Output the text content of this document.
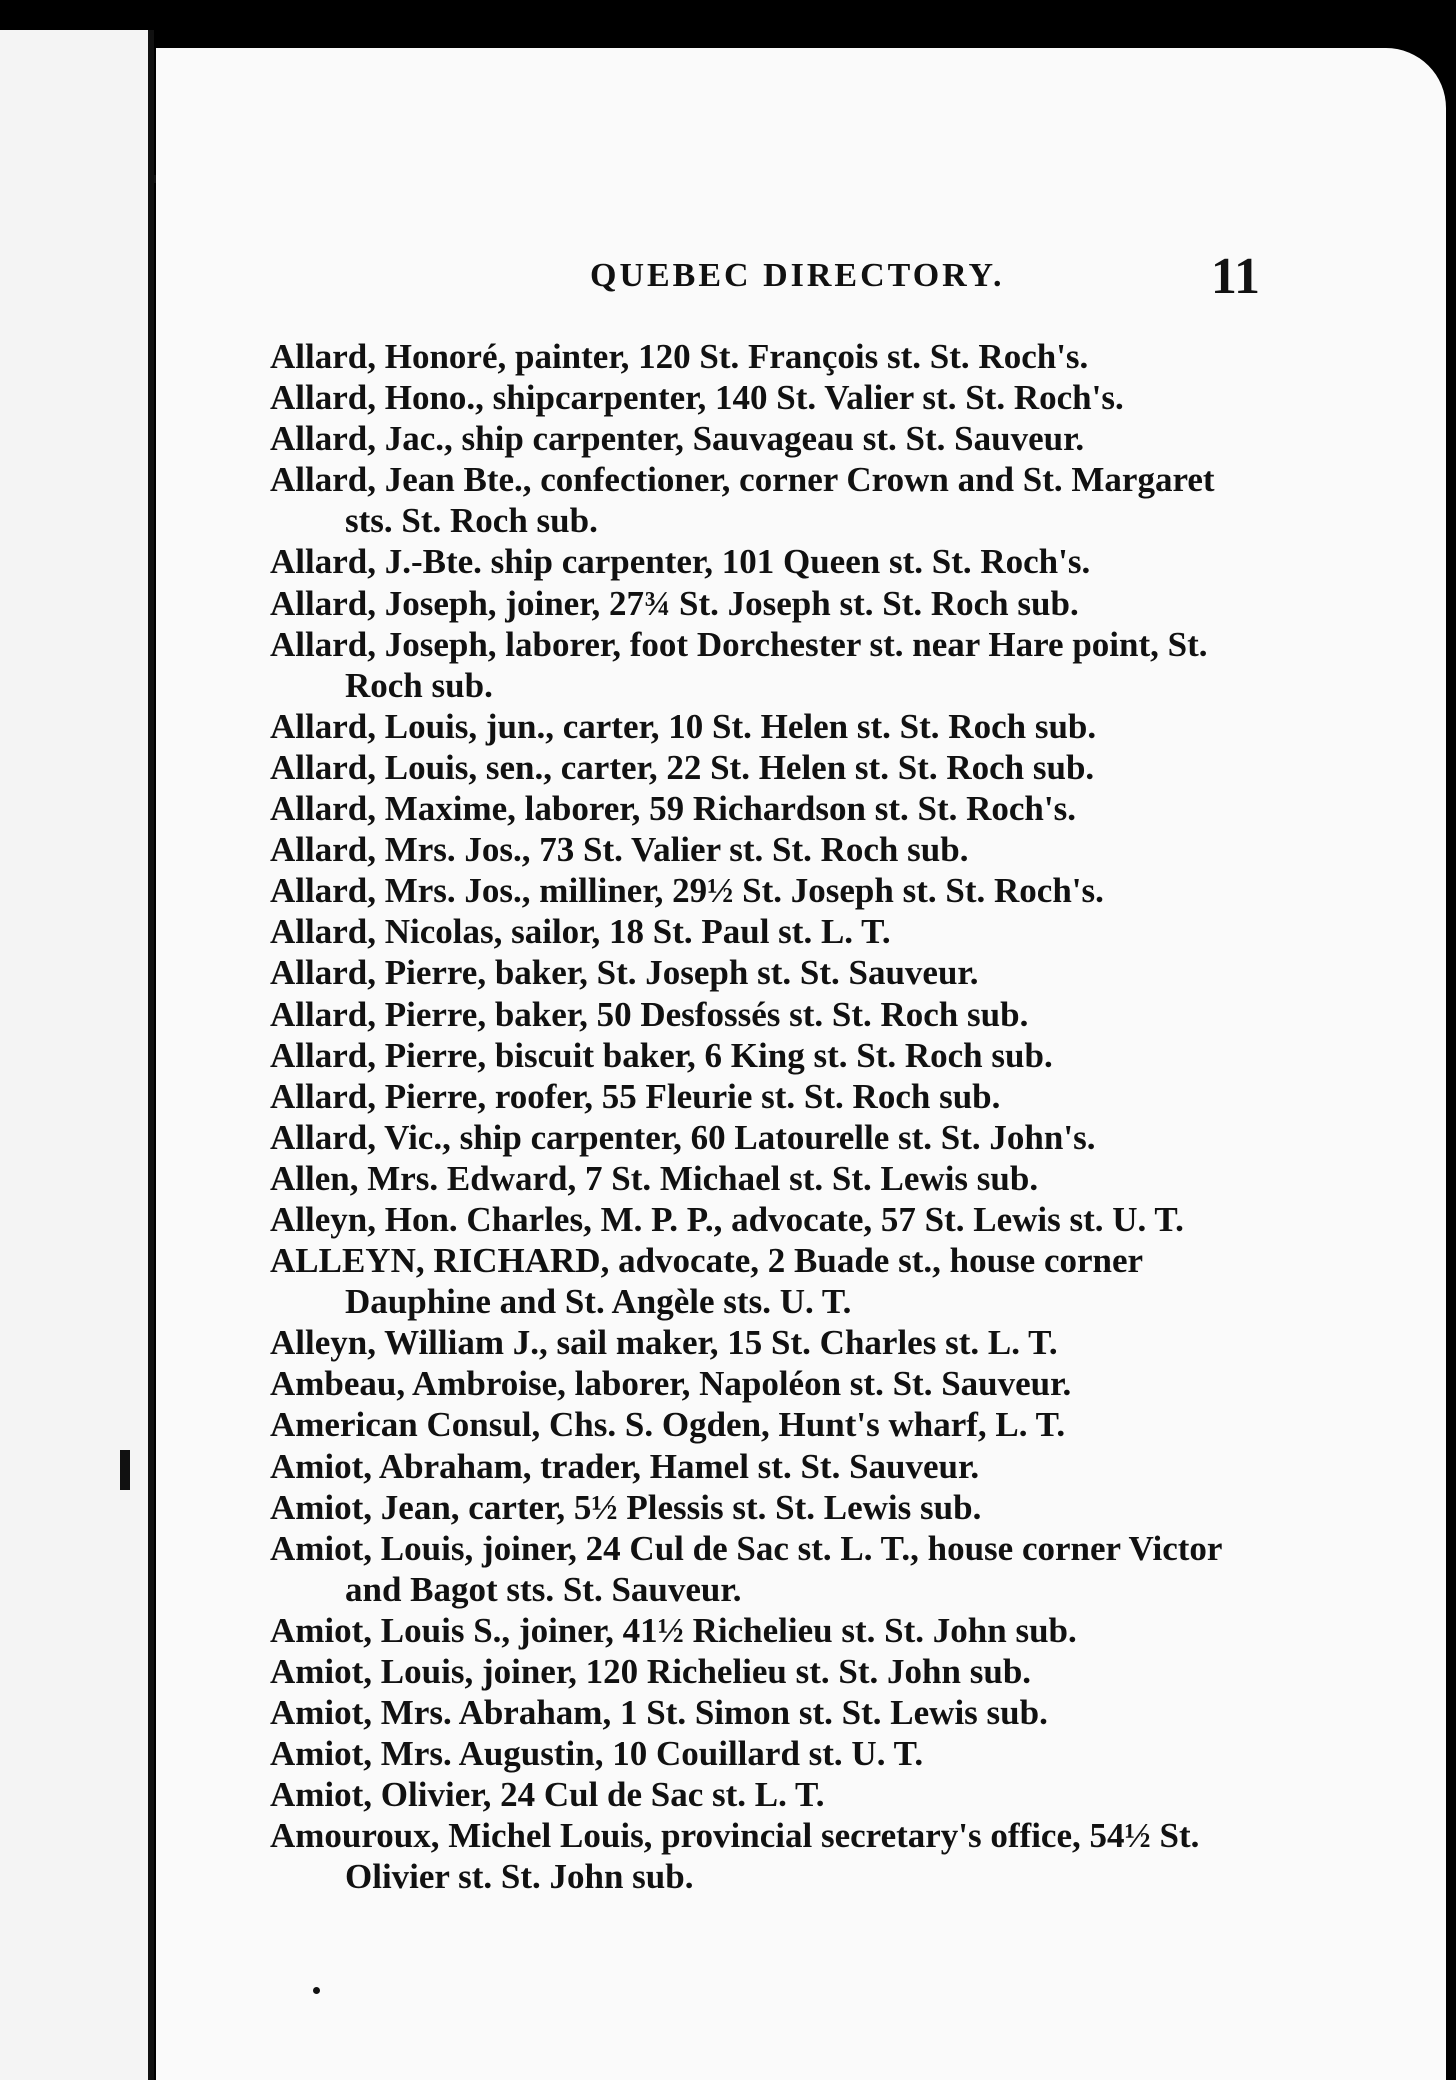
QUEBEC DIRECTORY.	11

Allard, Honoré, painter, 120 St. François st. St. Roch's.

Allard, Hono., shipcarpenter, 140 St. Valier st. St. Roch's.

Allard, Jac., ship carpenter, Sauvageau st. St. Sauveur.

Allard, Jean Bte., confectioner, corner Crown and St. Margaret sts. St. Roch sub.

Allard, J.-Bte. ship carpenter, 101 Queen st. St. Roch's.

Allard, Joseph, joiner, 27¾ St. Joseph st. St. Roch sub.

Allard, Joseph, laborer, foot Dorchester st. near Hare point, St. Roch sub.

Allard, Louis, jun., carter, 10 St. Helen st. St. Roch sub.

Allard, Louis, sen., carter, 22 St. Helen st. St. Roch sub.

Allard, Maxime, laborer, 59 Richardson st. St. Roch's.

Allard, Mrs. Jos., 73 St. Valier st. St. Roch sub.

Allard, Mrs. Jos., milliner, 29½ St. Joseph st. St. Roch's.

Allard, Nicolas, sailor, 18 St. Paul st. L. T.

Allard, Pierre, baker, St. Joseph st. St. Sauveur.

Allard, Pierre, baker, 50 Desfossés st. St. Roch sub.

Allard, Pierre, biscuit baker, 6 King st. St. Roch sub.

Allard, Pierre, roofer, 55 Fleurie st. St. Roch sub.

Allard, Vic., ship carpenter, 60 Latourelle st. St. John's.

Allen, Mrs. Edward, 7 St. Michael st. St. Lewis sub.

Alleyn, Hon. Charles, M. P. P., advocate, 57 St. Lewis st. U. T.

ALLEYN, RICHARD, advocate, 2 Buade st., house corner Dauphine and St. Angèle sts. U. T.

Alleyn, William J., sail maker, 15 St. Charles st. L. T.

Ambeau, Ambroise, laborer, Napoléon st. St. Sauveur.

American Consul, Chs. S. Ogden, Hunt's wharf, L. T.

Amiot, Abraham, trader, Hamel st. St. Sauveur.

Amiot, Jean, carter, 5½ Plessis st. St. Lewis sub.

Amiot, Louis, joiner, 24 Cul de Sac st. L. T., house corner Victor and Bagot sts. St. Sauveur.

Amiot, Louis S., joiner, 41½ Richelieu st. St. John sub.

Amiot, Louis, joiner, 120 Richelieu st. St. John sub.

Amiot, Mrs. Abraham, 1 St. Simon st. St. Lewis sub.

Amiot, Mrs. Augustin, 10 Couillard st. U. T.

Amiot, Olivier, 24 Cul de Sac st. L. T.

Amouroux, Michel Louis, provincial secretary's office, 54½ St. Olivier st. St. John sub.
